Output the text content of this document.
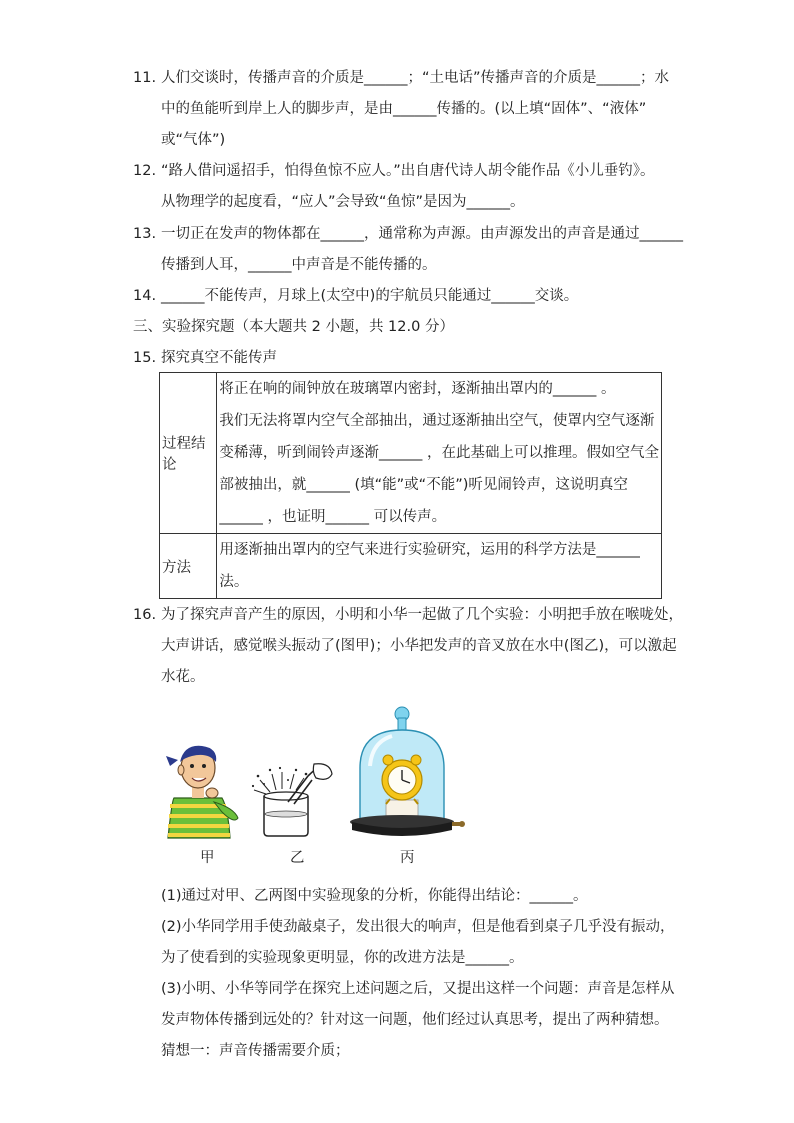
11. 人们交谈时，传播声音的介质是______；“土电话”传播声音的介质是______；水
中的鱼能听到岸上人的脚步声，是由______传播的。(以上填“固体”、“液体”
或“气体”)
12. “路人借问遥招手，怕得鱼惊不应人。”出自唐代诗人胡令能作品《小儿垂钓》。
从物理学的起度看，“应人”会导致“鱼惊”是因为______。
13. 一切正在发声的物体都在______，通常称为声源。由声源发出的声音是通过______
传播到人耳，______中声音是不能传播的。
14. ______不能传声，月球上(太空中)的宇航员只能通过______交谈。
三、实验探究题（本大题共 2 小题，共 12.0 分）
15. 探究真空不能传声
过程结论	将正在响的闹钟放在玻璃罩内密封，逐渐抽出罩内的______ 。
我们无法将罩内空气全部抽出，通过逐渐抽出空气，使罩内空气逐渐
变稀薄，听到闹铃声逐渐______ ，在此基础上可以推理。假如空气全
部被抽出，就______ (填“能”或“不能”)听见闹铃声，这说明真空
______ ，也证明______ 可以传声。

方法	用逐渐抽出罩内的空气来进行实验研究，运用的科学方法是______
法。
16. 为了探究声音产生的原因，小明和小华一起做了几个实验：小明把手放在喉咙处，
大声讲话，感觉喉头振动了(图甲)；小华把发声的音叉放在水中(图乙)，可以激起
水花。
甲	乙	丙
(1)通过对甲、乙两图中实验现象的分析，你能得出结论：______。
(2)小华同学用手使劲敲桌子，发出很大的响声，但是他看到桌子几乎没有振动，
为了使看到的实验现象更明显，你的改进方法是______。
(3)小明、小华等同学在探究上述问题之后，又提出这样一个问题：声音是怎样从
发声物体传播到远处的？针对这一问题，他们经过认真思考，提出了两种猜想。
猜想一：声音传播需要介质；
